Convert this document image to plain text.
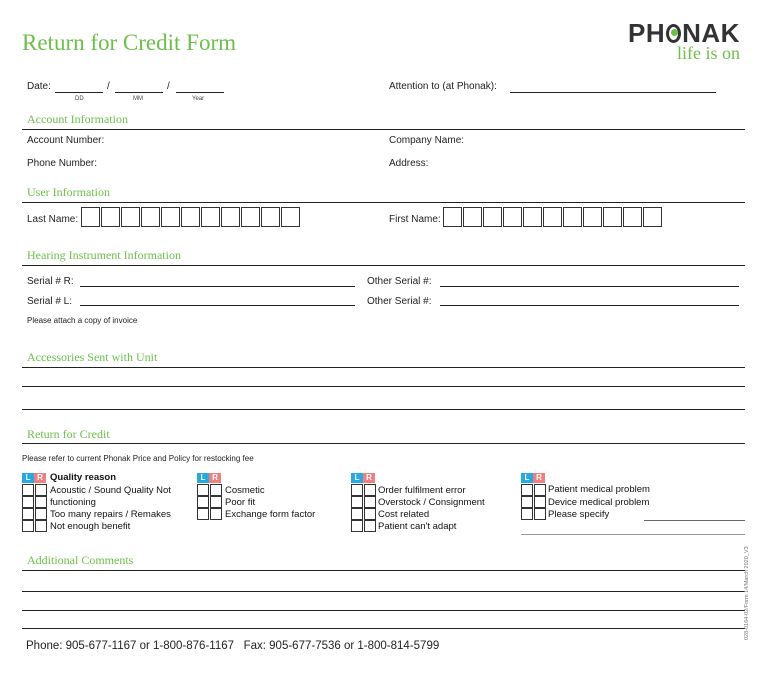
Return for Credit Form	PH NAK
life is on
Date:	/	/
DD	MM	Year
Attention to (at Phonak):
Account Information
Account Number:	Company Name:
Phone Number:	Address:
User Information
Last Name:	First Name:
Hearing Instrument Information
Serial # R:	Other Serial #:
Serial # L:	Other Serial #:
Please attach a copy of invoice
Accessories Sent with Unit
Return for Credit
Please refer to current Phonak Price and Policy for restocking fee
L R Quality reason
Acoustic / Sound Quality Not
functioning
Too many repairs / Remakes
Not enough benefit
L R
Cosmetic
Poor fit
Exchange form factor
L R
Order fulfilment error
Overstock / Consignment
Cost related
Patient can't adapt
L R
Patient medical problem
Device medical problem
Please specify
Additional Comments	028-0164-02/Form 14/March 2020_V3
Phone: 905-677-1167 or 1-800-876-1167   Fax: 905-677-7536 or 1-800-814-5799
